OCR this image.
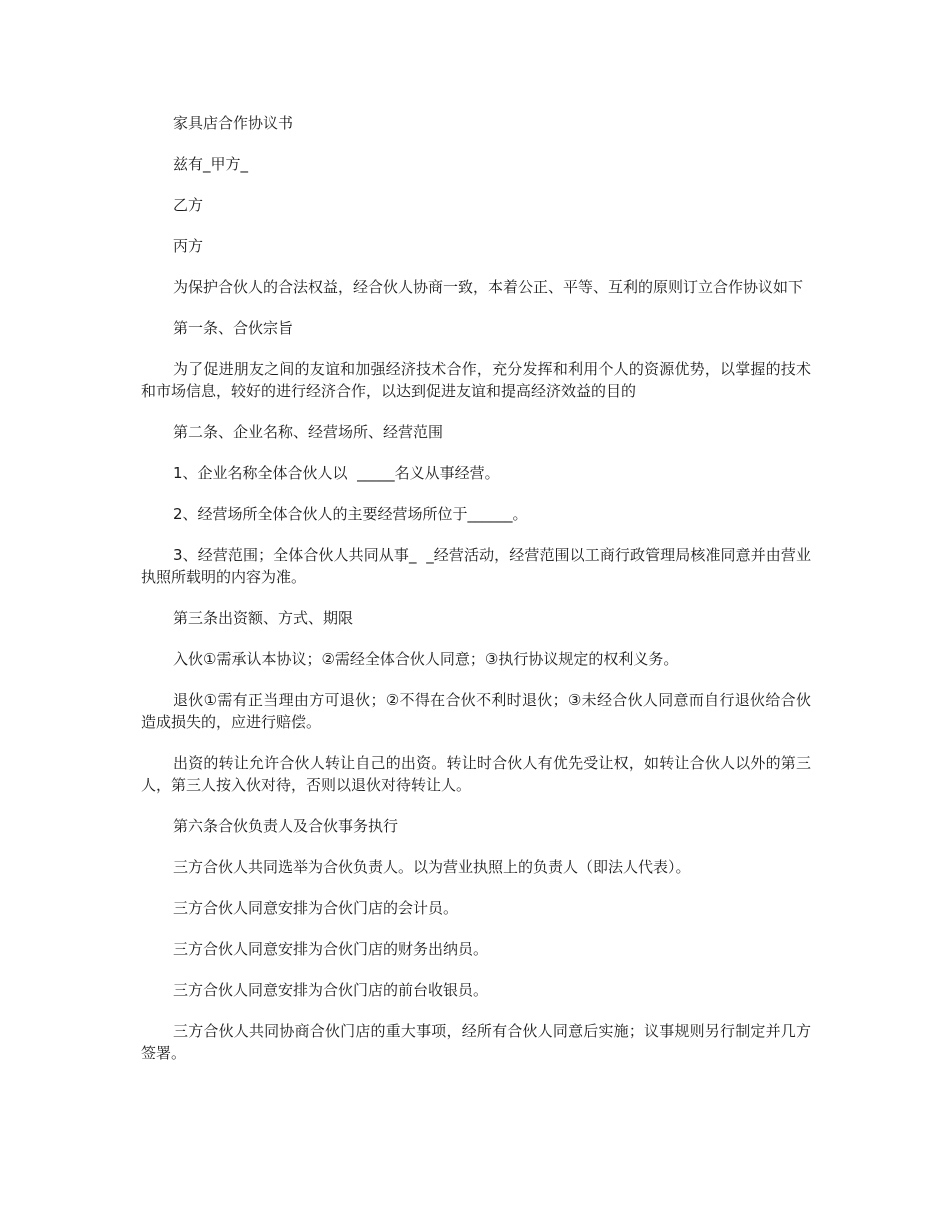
家具店合作协议书

兹有_甲方_

乙方

丙方

为保护合伙人的合法权益，经合伙人协商一致，本着公正、平等、互利的原则订立合作协议如下

第一条、合伙宗旨

为了促进朋友之间的友谊和加强经济技术合作，充分发挥和利用个人的资源优势，以掌握的技术和市场信息，较好的进行经济合作，以达到促进友谊和提高经济效益的目的

第二条、企业名称、经营场所、经营范围

1、企业名称全体合伙人以  _____名义从事经营。

2、经营场所全体合伙人的主要经营场所位于______。

3、经营范围；全体合伙人共同从事_  _经营活动，经营范围以工商行政管理局核准同意并由营业执照所载明的内容为准。

第三条出资额、方式、期限

入伙①需承认本协议；②需经全体合伙人同意；③执行协议规定的权利义务。

退伙①需有正当理由方可退伙；②不得在合伙不利时退伙；③未经合伙人同意而自行退伙给合伙造成损失的，应进行赔偿。

出资的转让允许合伙人转让自己的出资。转让时合伙人有优先受让权，如转让合伙人以外的第三人，第三人按入伙对待，否则以退伙对待转让人。

第六条合伙负责人及合伙事务执行

三方合伙人共同选举为合伙负责人。以为营业执照上的负责人（即法人代表）。

三方合伙人同意安排为合伙门店的会计员。

三方合伙人同意安排为合伙门店的财务出纳员。

三方合伙人同意安排为合伙门店的前台收银员。

三方合伙人共同协商合伙门店的重大事项，经所有合伙人同意后实施；议事规则另行制定并几方签署。
